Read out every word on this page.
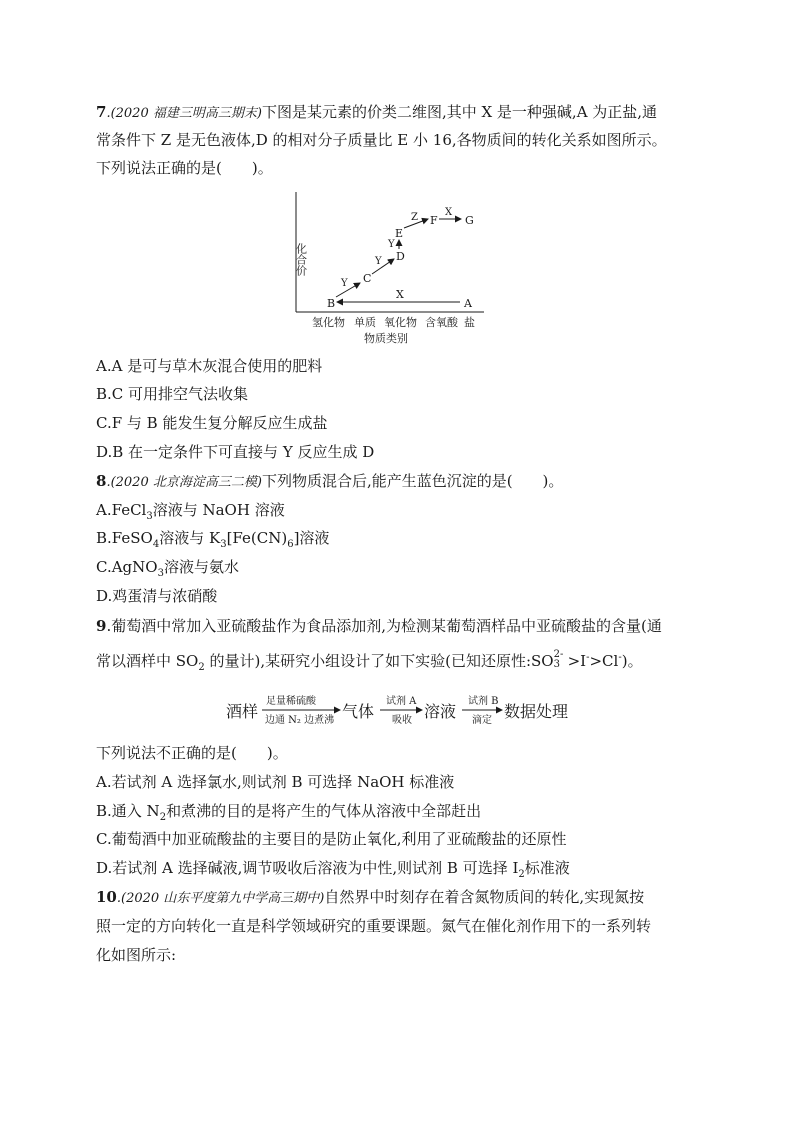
7.(2020 福建三明高三期末)下图是某元素的价类二维图,其中 X 是一种强碱,A 为正盐,通
常条件下 Z 是无色液体,D 的相对分子质量比 E 小 16,各物质间的转化关系如图所示。
下列说法正确的是(　　)。
化合价
氢化物 单质 氧化物 含氧酸 盐
物质类别
B
C
D
E
F G
A
X
Y
Y
Y
Z	X
A.A 是可与草木灰混合使用的肥料
B.C 可用排空气法收集
C.F 与 B 能发生复分解反应生成盐
D.B 在一定条件下可直接与 Y 反应生成 D
8.(2020 北京海淀高三二模)下列物质混合后,能产生蓝色沉淀的是(　　)。
A.FeCl$_3$溶液与 NaOH 溶液
B.FeSO$_4$溶液与 $K_3[Fe(CN)_6]$溶液
C.AgNO$_3$溶液与氨水
D.鸡蛋清与浓硝酸
9.葡萄酒中常加入亚硫酸盐作为食品添加剂,为检测某葡萄酒样品中亚硫酸盐的含量(通
常以酒样中 $SO_2$ 的量计),某研究小组设计了如下实验(已知还原性:SO 2-
3 >I->Cl-)。
酒样
足量稀硫酸
边通 N₂ 边煮沸 气体
试剂 A
吸收 溶液
试剂 B
滴定 数据处理
下列说法不正确的是(　　)。
A.若试剂 A 选择氯水,则试剂 B 可选择 NaOH 标准液
B.通入 $N_2$和煮沸的目的是将产生的气体从溶液中全部赶出
C.葡萄酒中加亚硫酸盐的主要目的是防止氧化,利用了亚硫酸盐的还原性
D.若试剂 A 选择碱液,调节吸收后溶液为中性,则试剂 B 可选择 $I_2$标准液
10.(2020 山东平度第九中学高三期中)自然界中时刻存在着含氮物质间的转化,实现氮按
照一定的方向转化一直是科学领域研究的重要课题。氮气在催化剂作用下的一系列转
化如图所示:
